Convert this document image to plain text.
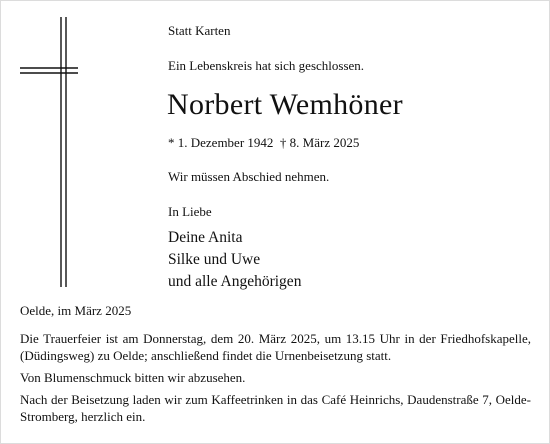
Statt Karten
Ein Lebenskreis hat sich geschlossen.
Norbert Wemhöner
* 1. Dezember 1942  † 8. März 2025
Wir müssen Abschied nehmen.
In Liebe
Deine Anita
Silke und Uwe
und alle Angehörigen
Oelde, im März 2025
Die Trauerfeier ist am Donnerstag, dem 20. März 2025, um 13.15 Uhr in der Friedhofskapelle, (Düdingsweg) zu Oelde; anschließend findet die Urnenbeisetzung statt.
Von Blumenschmuck bitten wir abzusehen.
Nach der Beisetzung laden wir zum Kaffeetrinken in das Café Heinrichs, Daudenstraße 7, Oelde-Stromberg, herzlich ein.
